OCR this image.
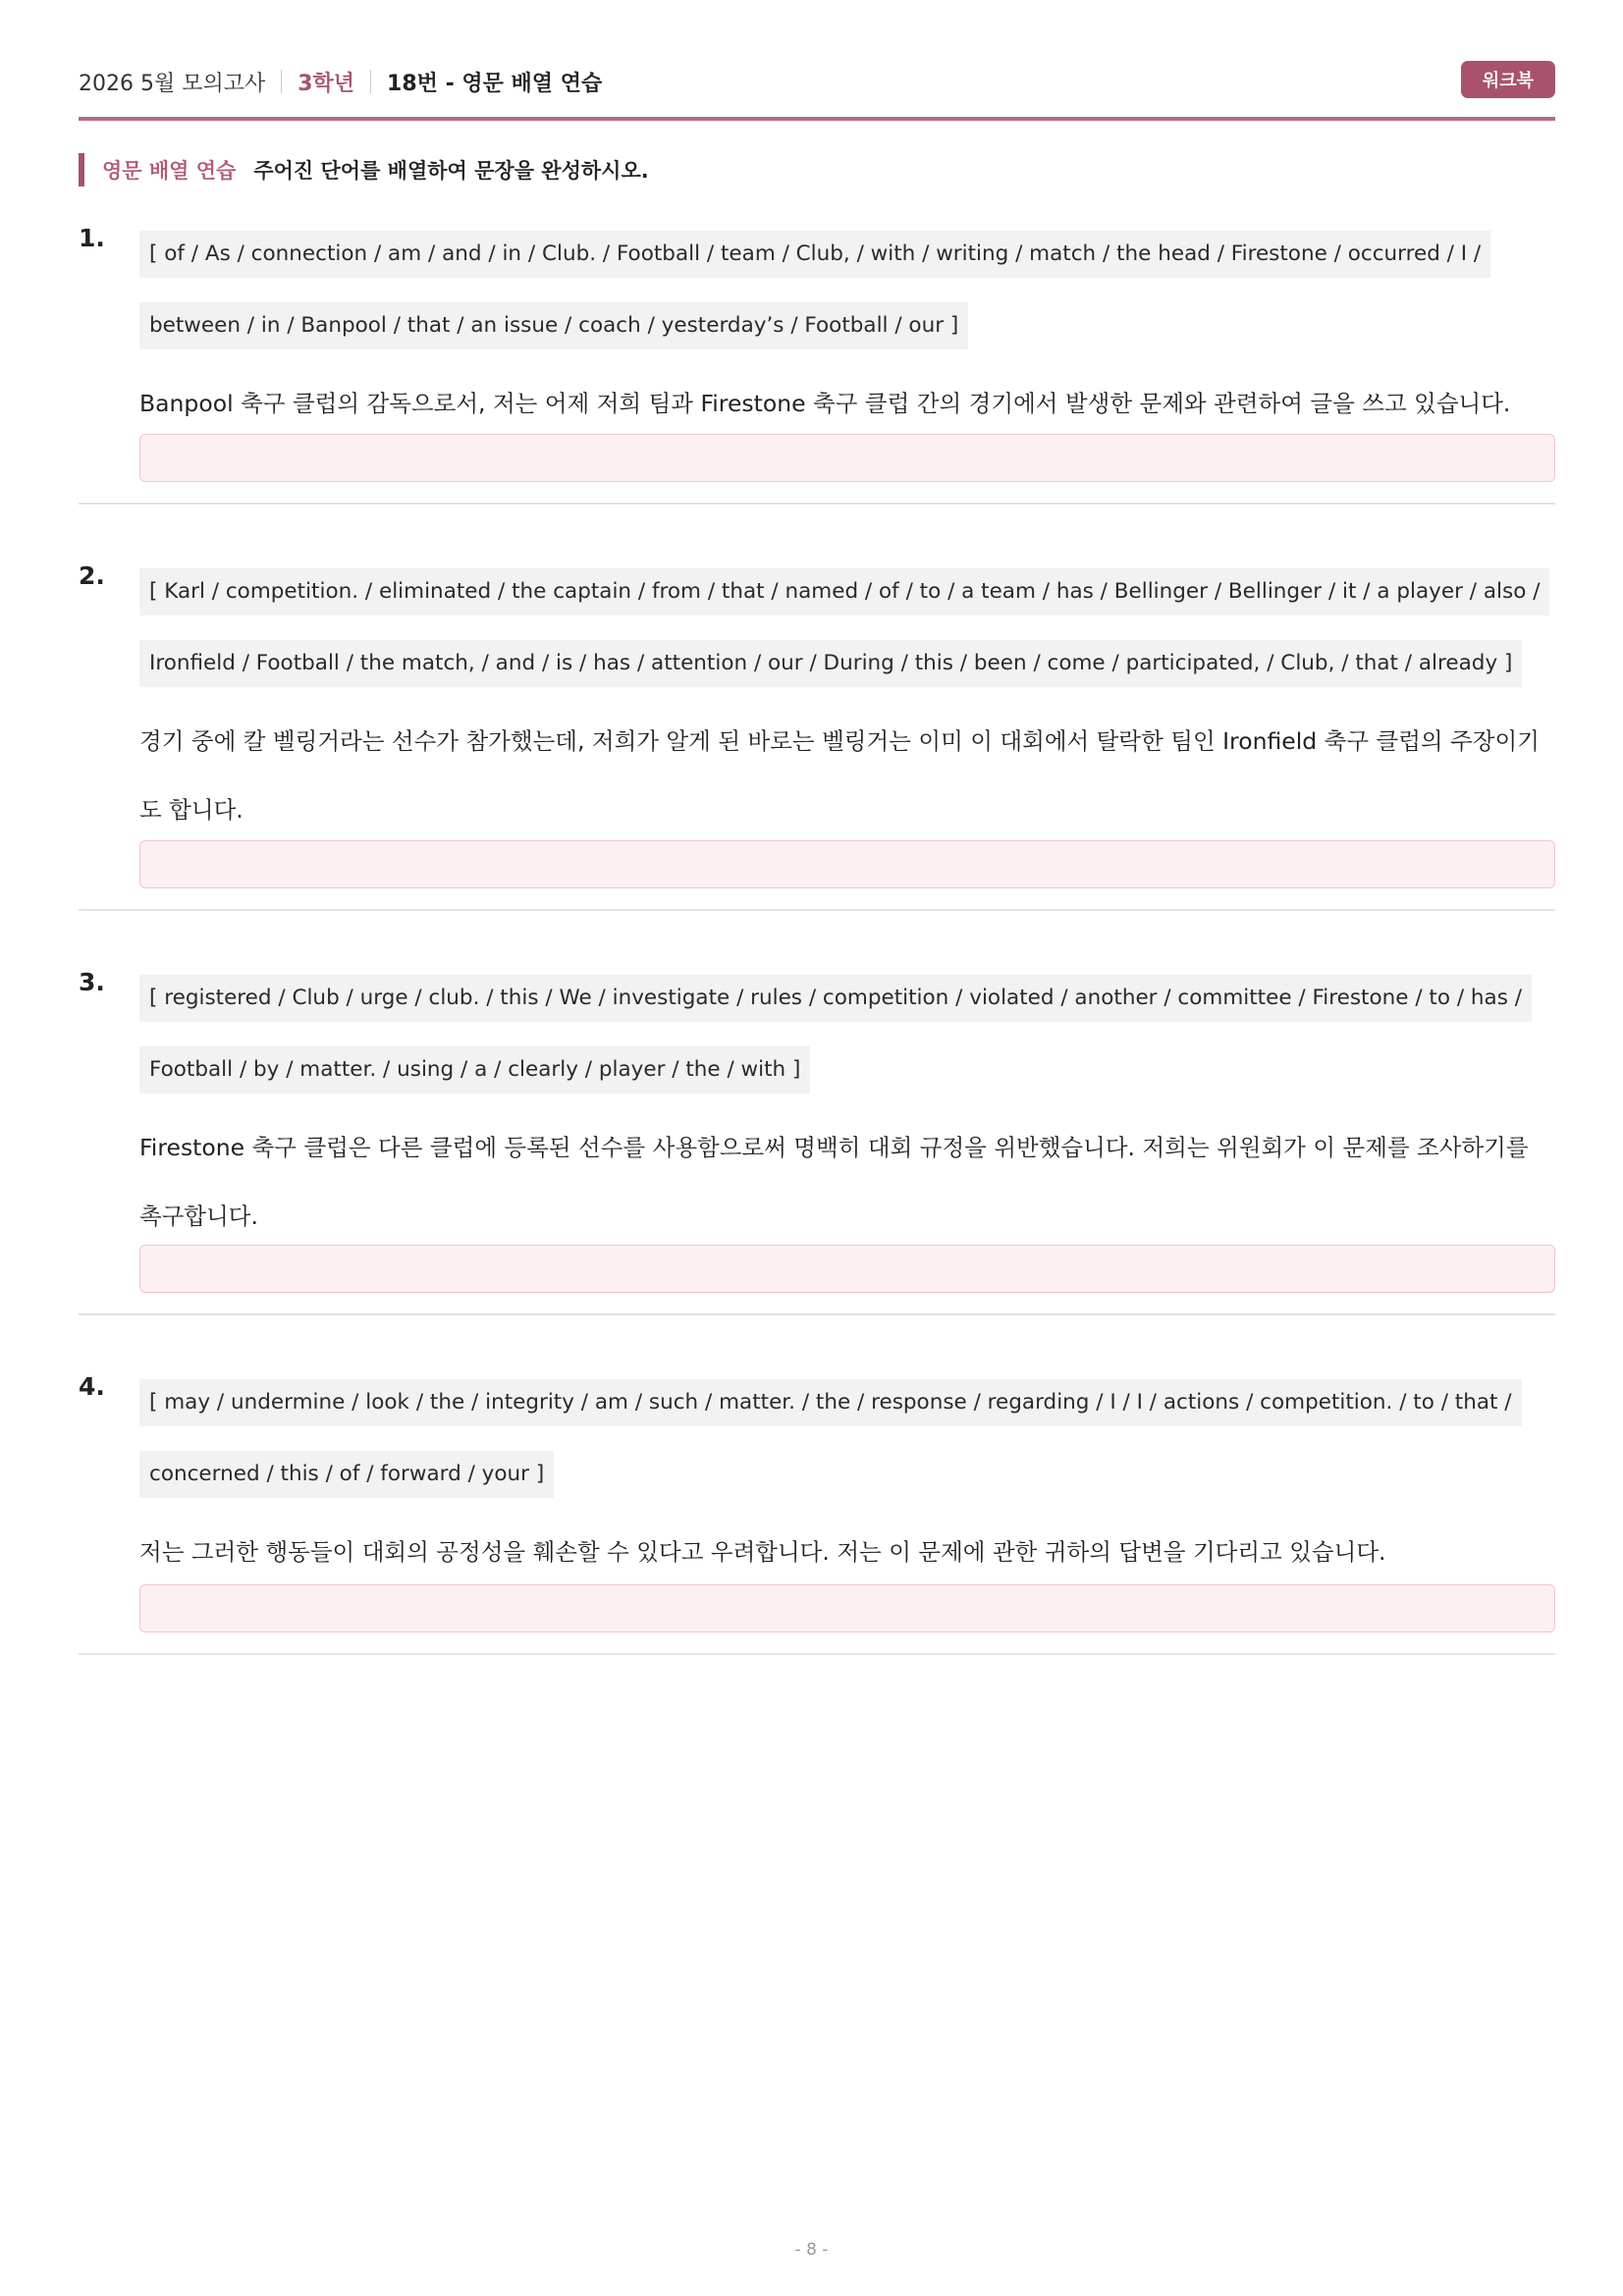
2026 5월 모의고사 3학년 18번 - 영문 배열 연습	워크북
영문 배열 연습 주어진 단어를 배열하여 문장을 완성하시오.
1.

[ of / As / connection / am / and / in / Club. / Football / team / Club, / with / writing / match / the head / Firestone / occurred / I / between / in / Banpool / that / an issue / coach / yesterday’s / Football / our ]

Banpool 축구 클럽의 감독으로서, 저는 어제 저희 팀과 Firestone 축구 클럽 간의 경기에서 발생한 문제와 관련하여 글을 쓰고 있습니다.

2.

[ Karl / competition. / eliminated / the captain / from / that / named / of / to / a team / has / Bellinger / Bellinger / it / a player / also / Ironfield / Football / the match, / and / is / has / attention / our / During / this / been / come / participated, / Club, / that / already ]

경기 중에 칼 벨링거라는 선수가 참가했는데, 저희가 알게 된 바로는 벨링거는 이미 이 대회에서 탈락한 팀인 Ironfield 축구 클럽의 주장이기도 합니다.

3.

[ registered / Club / urge / club. / this / We / investigate / rules / competition / violated / another / committee / Firestone / to / has / Football / by / matter. / using / a / clearly / player / the / with ]

Firestone 축구 클럽은 다른 클럽에 등록된 선수를 사용함으로써 명백히 대회 규정을 위반했습니다. 저희는 위원회가 이 문제를 조사하기를 촉구합니다.

4.

[ may / undermine / look / the / integrity / am / such / matter. / the / response / regarding / I / I / actions / competition. / to / that / concerned / this / of / forward / your ]

저는 그러한 행동들이 대회의 공정성을 훼손할 수 있다고 우려합니다. 저는 이 문제에 관한 귀하의 답변을 기다리고 있습니다.

- 8 -
